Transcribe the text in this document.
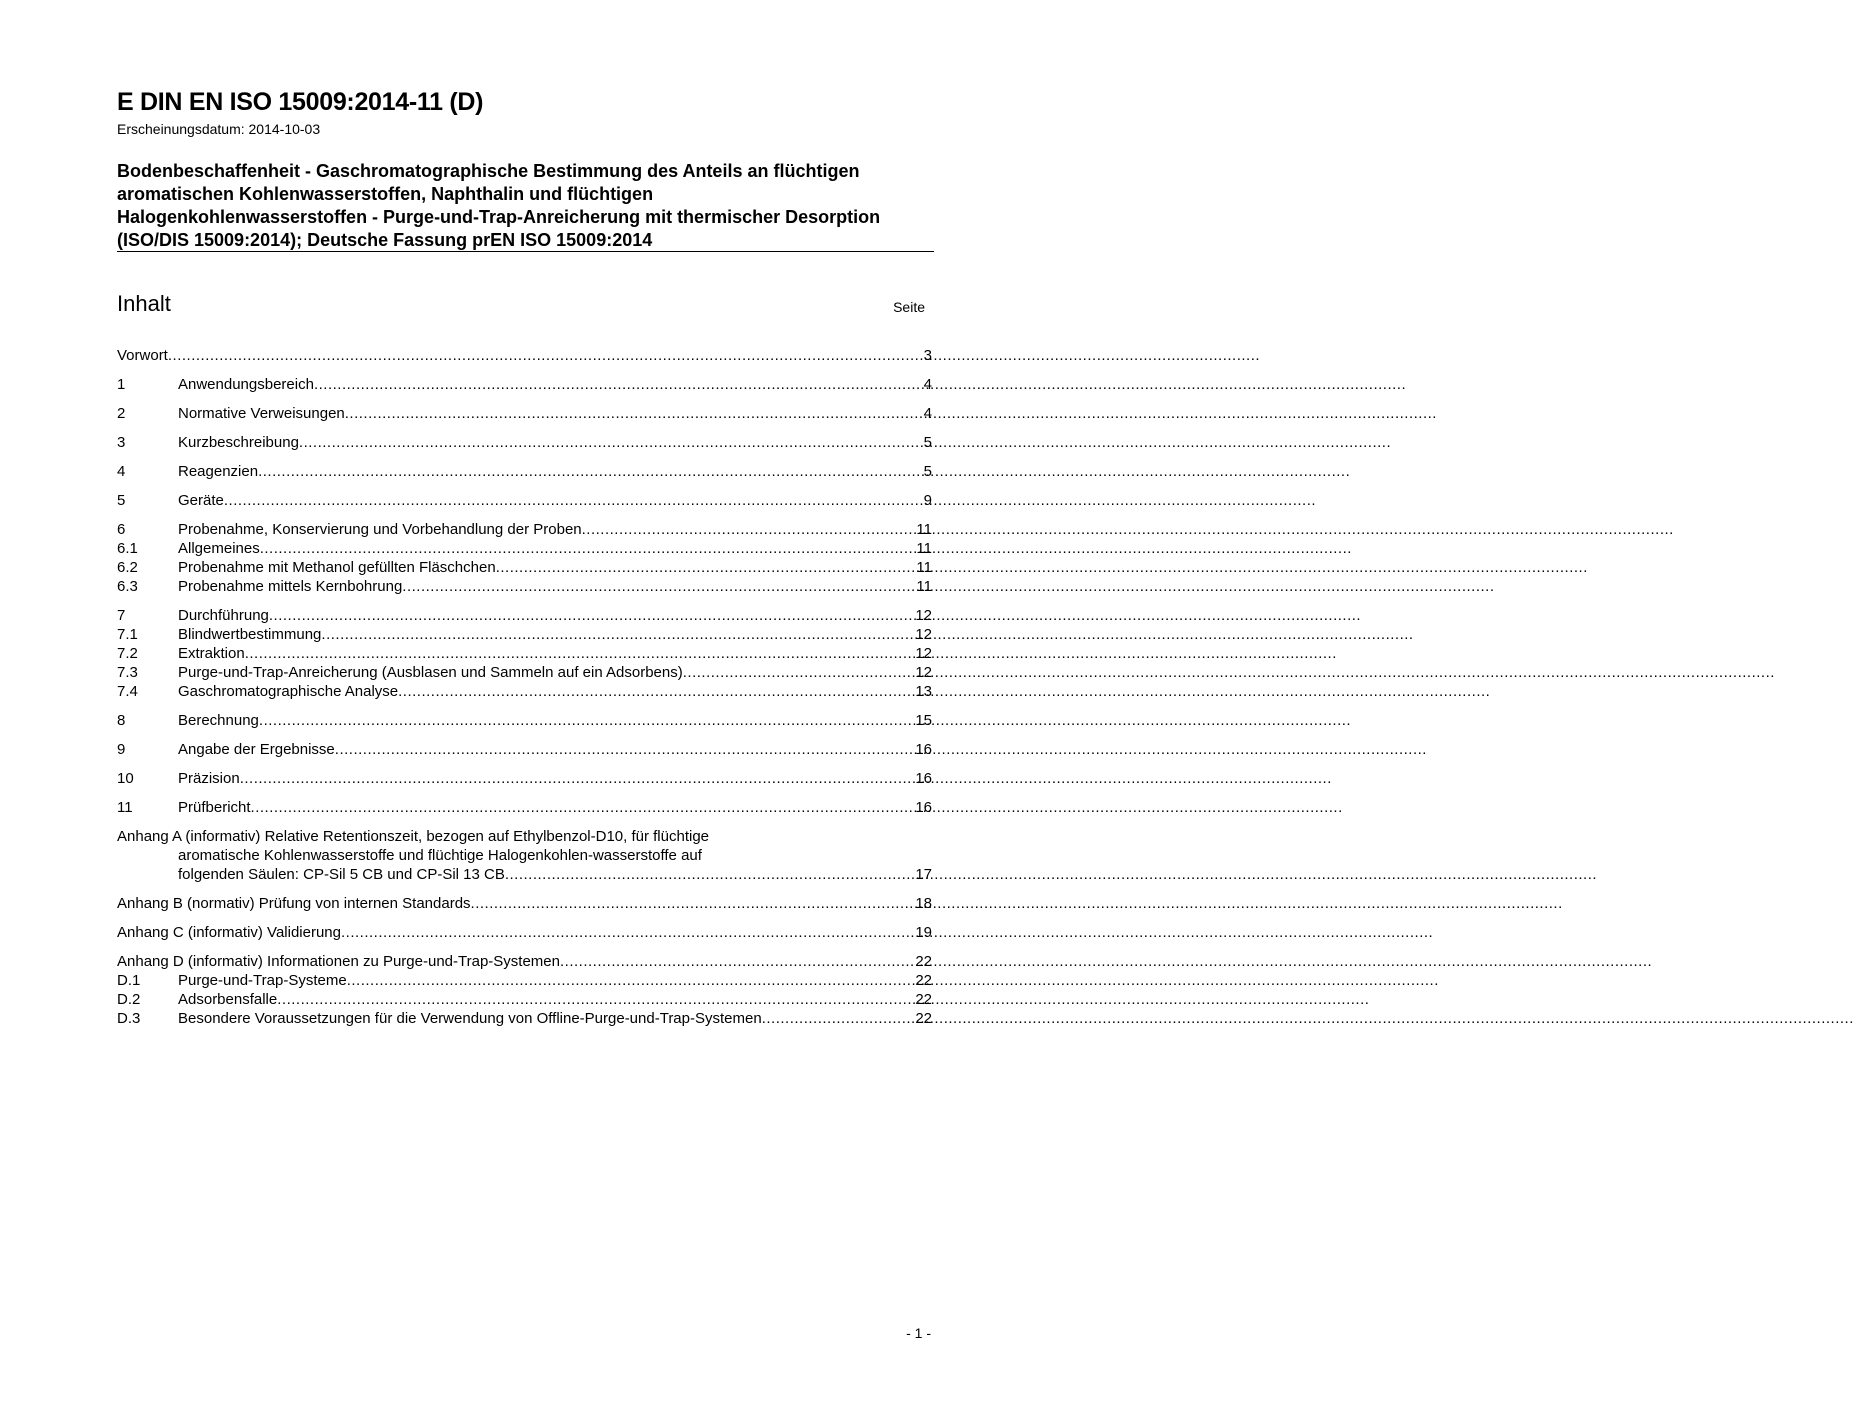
E DIN EN ISO 15009:2014-11 (D)
Erscheinungsdatum: 2014-10-03
Bodenbeschaffenheit - Gaschromatographische Bestimmung des Anteils an flüchtigen aromatischen Kohlenwasserstoffen, Naphthalin und flüchtigen Halogenkohlenwasserstoffen - Purge-und-Trap-Anreicherung mit thermischer Desorption (ISO/DIS 15009:2014); Deutsche Fassung prEN ISO 15009:2014
Inhalt	Seite
Vorwort .....	3
1	Anwendungsbereich .....	4
2	Normative Verweisungen .....	4
3	Kurzbeschreibung .....	5
4	Reagenzien .....	5
5	Geräte .....	9
6	Probenahme, Konservierung und Vorbehandlung der Proben .....	11
6.1	Allgemeines .....	11
6.2	Probenahme mit Methanol gefüllten Fläschchen .....	11
6.3	Probenahme mittels Kernbohrung .....	11
7	Durchführung .....	12
7.1	Blindwertbestimmung .....	12
7.2	Extraktion .....	12
7.3	Purge-und-Trap-Anreicherung (Ausblasen und Sammeln auf ein Adsorbens) .....	12
7.4	Gaschromatographische Analyse .....	13
8	Berechnung .....	15
9	Angabe der Ergebnisse .....	16
10	Präzision .....	16
11	Prüfbericht .....	16
Anhang A (informativ) Relative Retentionszeit, bezogen auf Ethylbenzol-D10, für flüchtige
aromatische Kohlenwasserstoffe und flüchtige Halogenkohlen-wasserstoffe auf
folgenden Säulen: CP-Sil 5 CB und CP-Sil 13 CB .....	17
Anhang B (normativ) Prüfung von internen Standards .....	18
Anhang C (informativ) Validierung .....	19
Anhang D (informativ) Informationen zu Purge-und-Trap-Systemen .....	22
D.1	Purge-und-Trap-Systeme .....	22
D.2	Adsorbensfalle .....	22
D.3	Besondere Voraussetzungen für die Verwendung von Offline-Purge-und-Trap-Systemen .....	22
- 1 -
